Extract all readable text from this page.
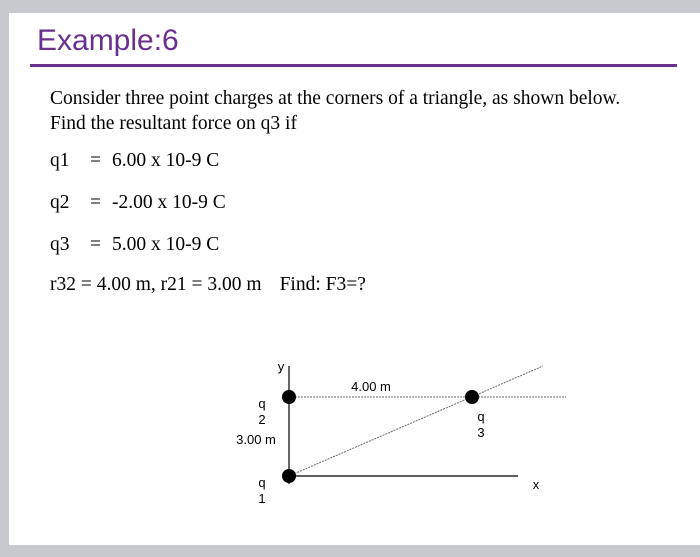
Example:6
Consider three point charges at the corners of a triangle, as shown below. Find the resultant force on q3 if
q1 = 6.00 x 10-9 C
q2 = -2.00 x 10-9 C
q3 = 5.00 x 10-9 C
r32 = 4.00 m, r21 = 3.00 m Find: F3=?
y
x
4.00 m
3.00 m
q
2	q
3
q
1
